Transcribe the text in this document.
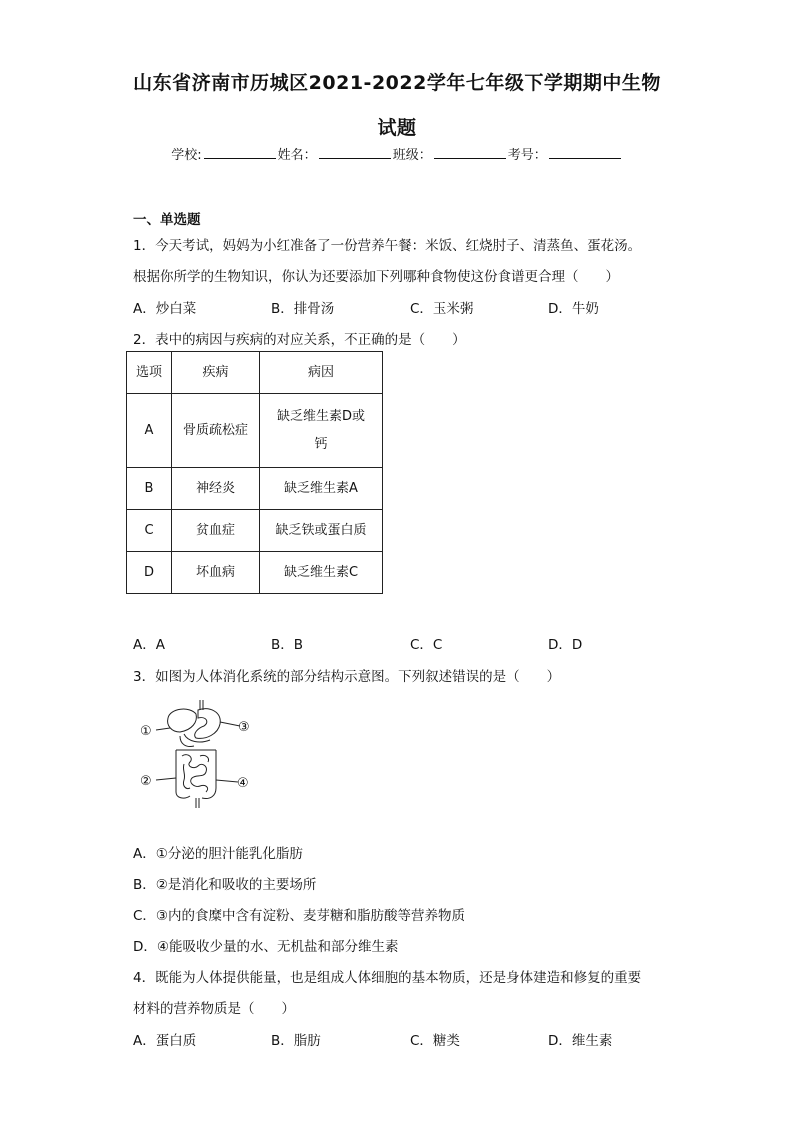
山东省济南市历城区2021-2022学年七年级下学期期中生物
试题
学校:	姓名：	班级：	考号：
一、单选题
1．今天考试，妈妈为小红准备了一份营养午餐：米饭、红烧肘子、清蒸鱼、蛋花汤。
根据你所学的生物知识，你认为还要添加下列哪种食物使这份食谱更合理（　　）
A．炒白菜	B．排骨汤	C．玉米粥	D．牛奶
2．表中的病因与疾病的对应关系，不正确的是（　　）
选项	疾病	病因
A	骨质疏松症	缺乏维生素D或
钙
B	神经炎	缺乏维生素A
C	贫血症	缺乏铁或蛋白质
D	坏血病	缺乏维生素C
A．A	B．B	C．C	D．D
3．如图为人体消化系统的部分结构示意图。下列叙述错误的是（　　）
①	③
②	④
A．①分泌的胆汁能乳化脂肪
B．②是消化和吸收的主要场所
C．③内的食糜中含有淀粉、麦芽糖和脂肪酸等营养物质
D．④能吸收少量的水、无机盐和部分维生素
4．既能为人体提供能量，也是组成人体细胞的基本物质，还是身体建造和修复的重要
材料的营养物质是（　　）
A．蛋白质	B．脂肪	C．糖类	D．维生素
